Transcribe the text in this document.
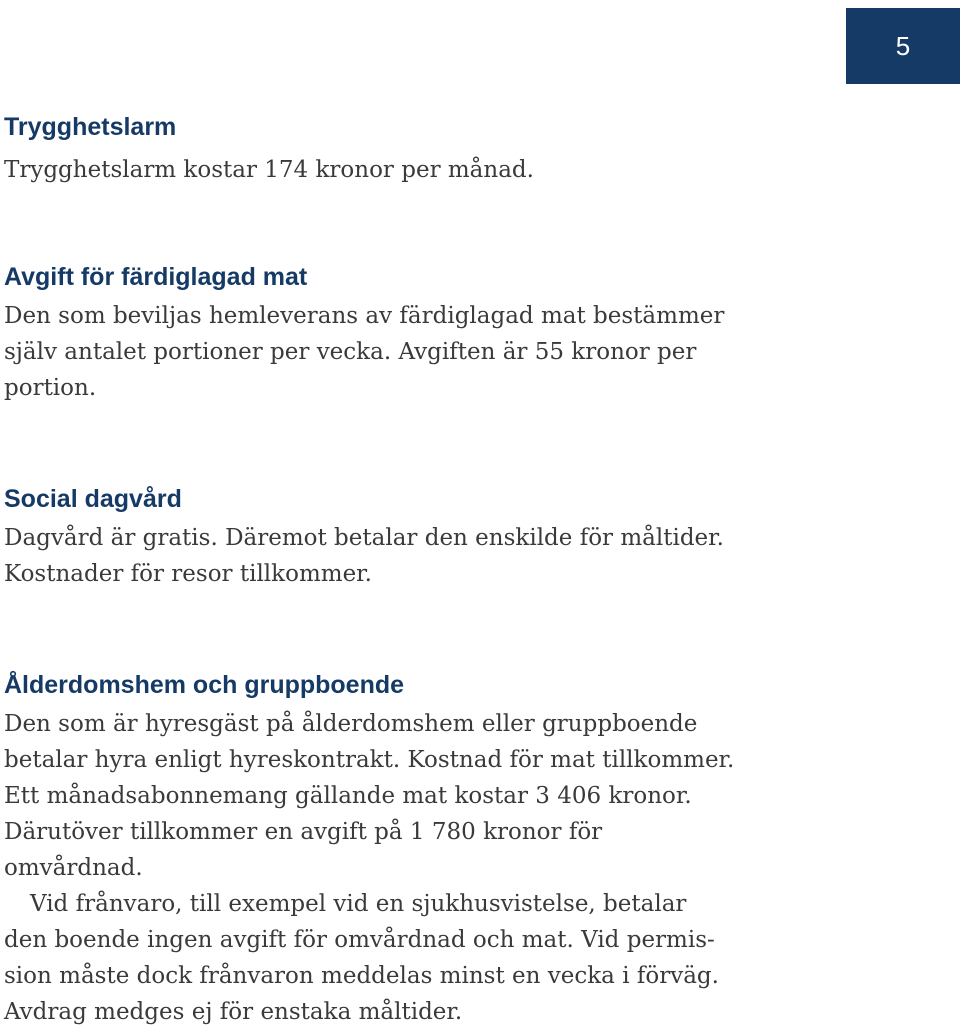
5
Trygghetslarm
Trygghetslarm kostar 174 kronor per månad.
Avgift för färdiglagad mat
Den som beviljas hemleverans av färdiglagad mat bestämmer
själv antalet portioner per vecka. Avgiften är 55 kronor per
portion.
Social dagvård
Dagvård är gratis. Däremot betalar den enskilde för måltider.
Kostnader för resor tillkommer.
Ålderdomshem och gruppboende
Den som är hyresgäst på ålderdomshem eller gruppboende
betalar hyra enligt hyreskontrakt. Kostnad för mat tillkommer.
Ett månadsabonnemang gällande mat kostar 3 406 kronor.
Därutöver tillkommer en avgift på 1 780 kronor för
omvårdnad.
Vid frånvaro, till exempel vid en sjukhusvistelse, betalar
den boende ingen avgift för omvårdnad och mat. Vid permis-
sion måste dock frånvaron meddelas minst en vecka i förväg.
Avdrag medges ej för enstaka måltider.
